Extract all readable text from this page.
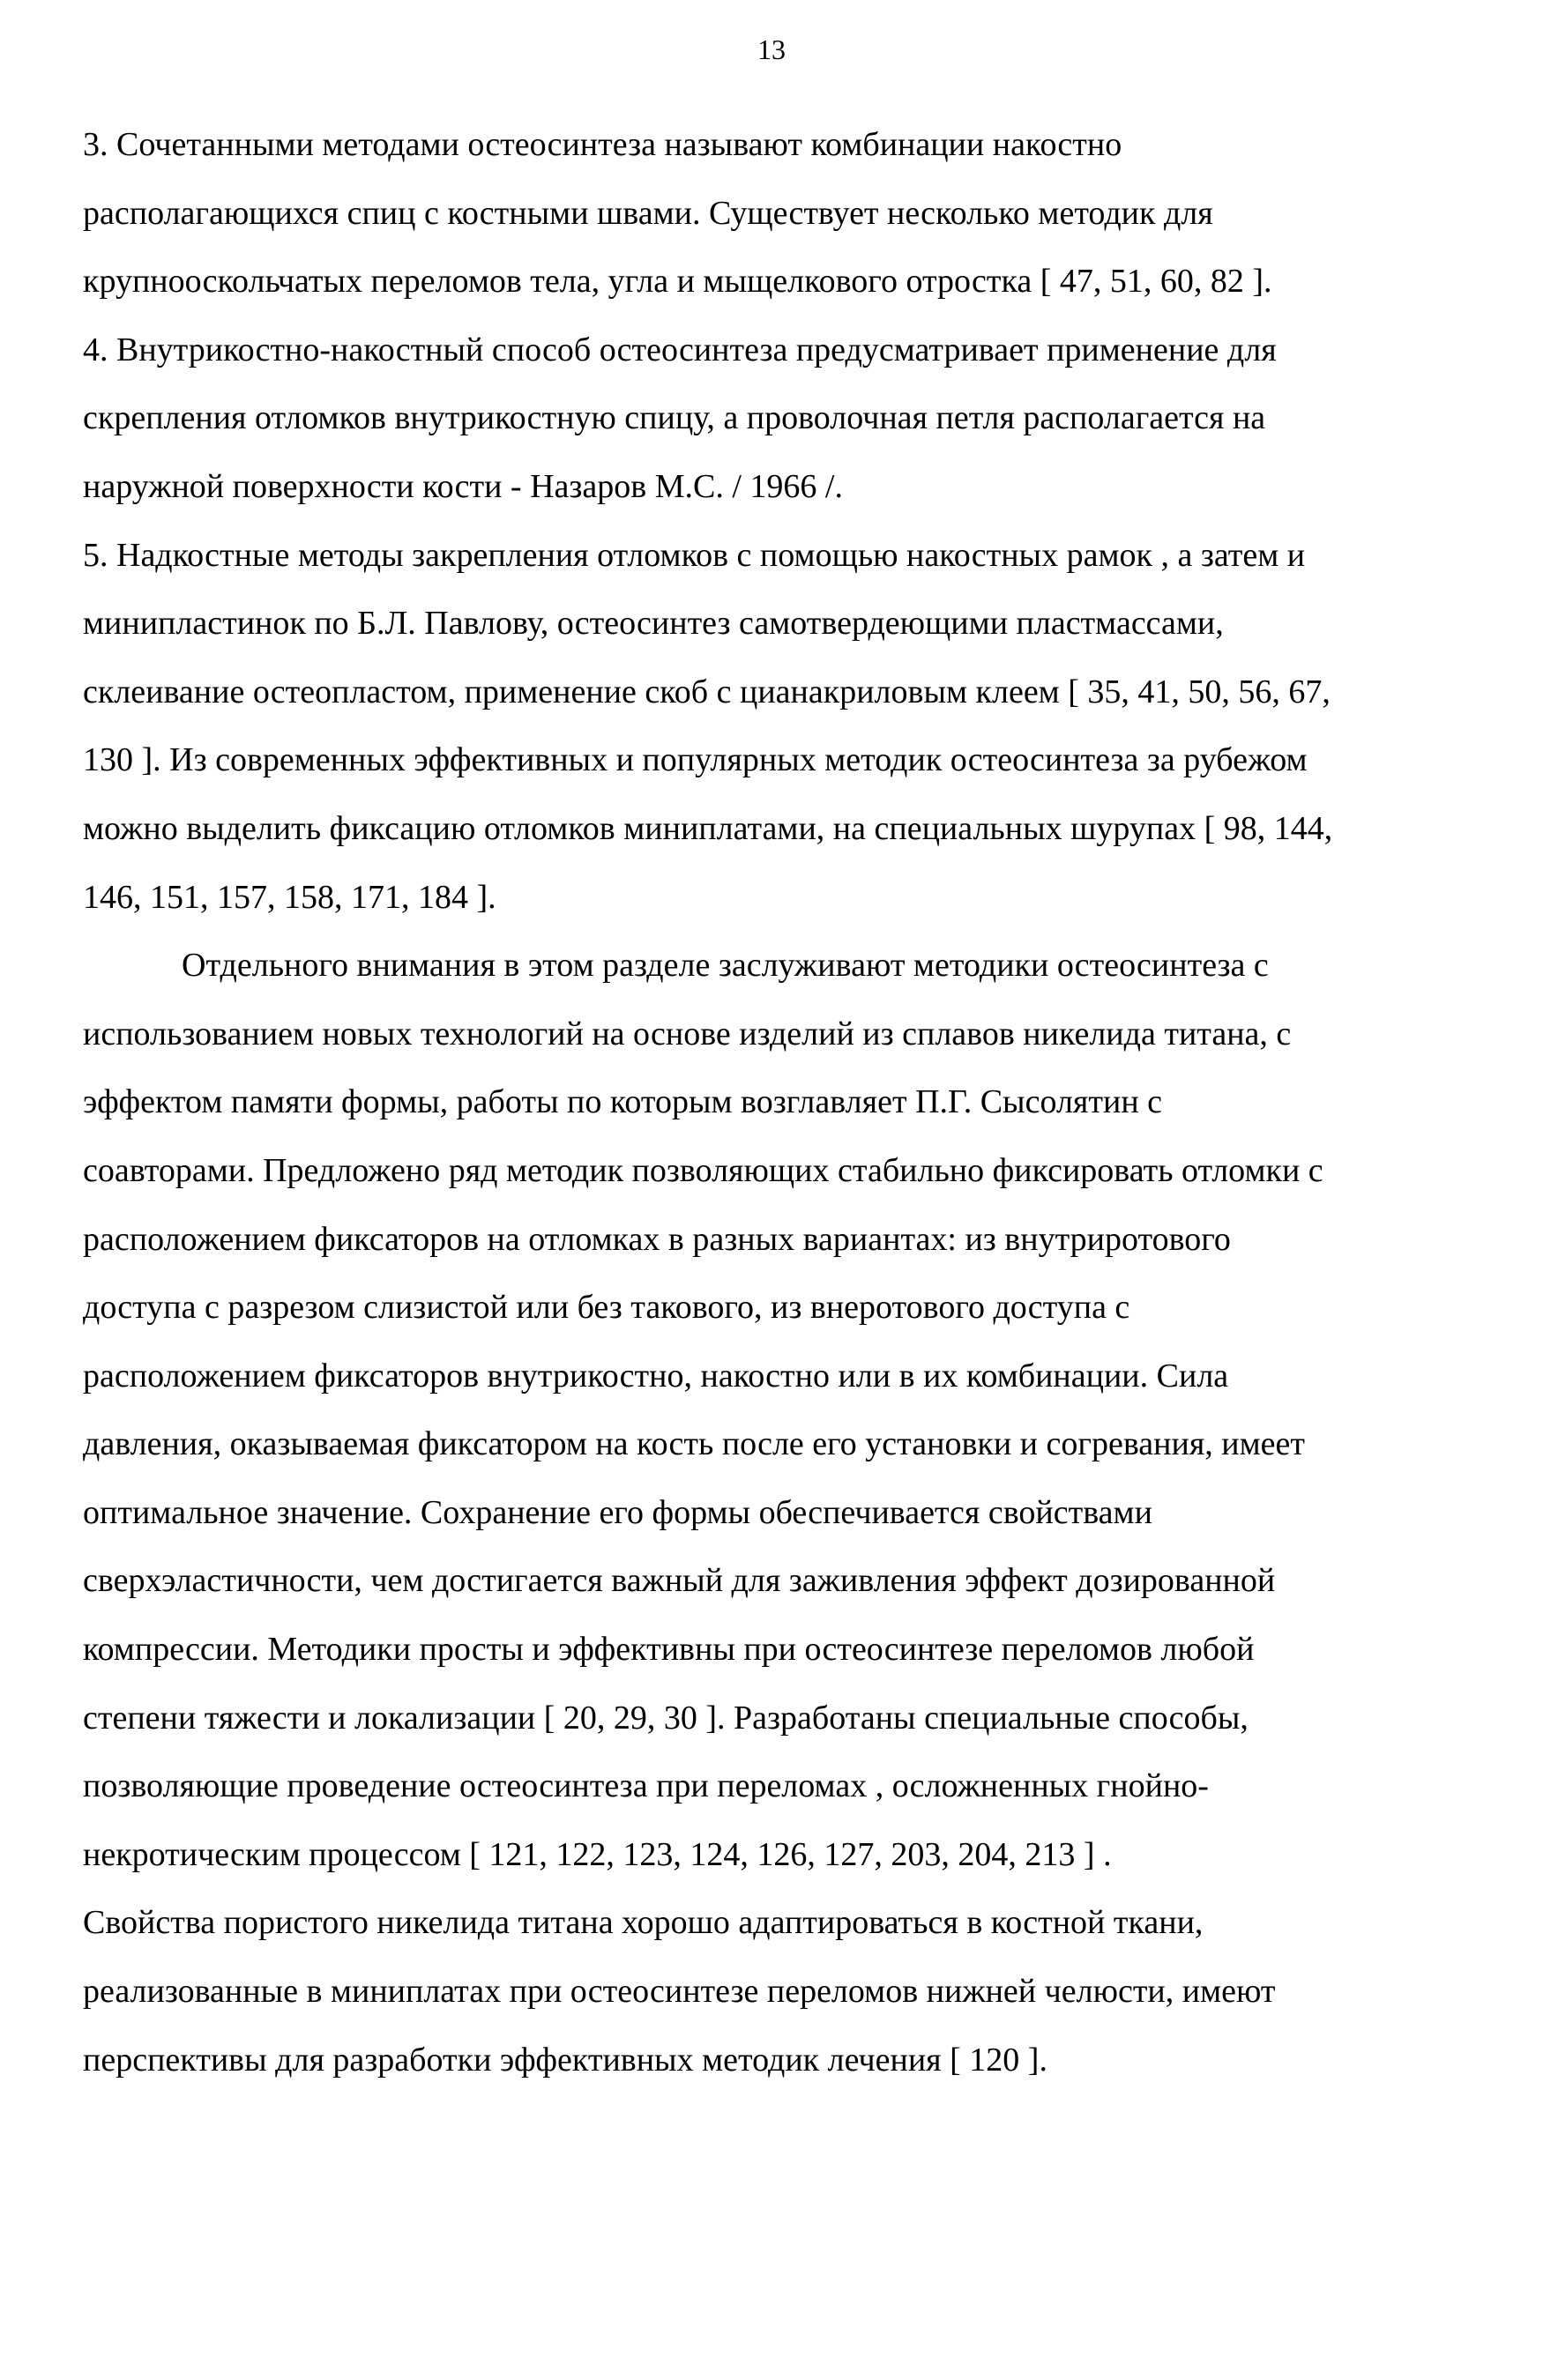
13
3. Сочетанными методами остеосинтеза называют комбинации накостно
располагающихся спиц с костными швами. Существует несколько методик для
крупнооскольчатых переломов тела, угла и мыщелкового отростка [ 47, 51, 60, 82 ].
4. Внутрикостно-накостный способ остеосинтеза предусматривает применение для
скрепления отломков внутрикостную спицу, а проволочная петля располагается на
наружной поверхности кости - Назаров М.С. / 1966 /.
5. Надкостные методы закрепления отломков с помощью накостных рамок , а затем и
минипластинок по Б.Л. Павлову, остеосинтез самотвердеющими пластмассами,
склеивание остеопластом, применение скоб с цианакриловым клеем [ 35, 41, 50, 56, 67,
130 ]. Из современных эффективных и популярных методик остеосинтеза за рубежом
можно выделить фиксацию отломков миниплатами, на специальных шурупах [ 98, 144,
146, 151, 157, 158, 171, 184 ].
Отдельного внимания в этом разделе заслуживают методики остеосинтеза с
использованием новых технологий на основе изделий из сплавов никелида титана, с
эффектом памяти формы, работы по которым возглавляет П.Г. Сысолятин с
соавторами. Предложено ряд методик позволяющих стабильно фиксировать отломки с
расположением фиксаторов на отломках в разных вариантах: из внутриротового
доступа с разрезом слизистой или без такового, из внеротового доступа с
расположением фиксаторов внутрикостно, накостно или в их комбинации. Сила
давления, оказываемая фиксатором на кость после его установки и согревания, имеет
оптимальное значение. Сохранение его формы обеспечивается свойствами
сверхэластичности, чем достигается важный для заживления эффект дозированной
компрессии. Методики просты и эффективны при остеосинтезе переломов любой
степени тяжести и локализации [ 20, 29, 30 ]. Разработаны специальные способы,
позволяющие проведение остеосинтеза при переломах , осложненных гнойно-
некротическим процессом [ 121, 122, 123, 124, 126, 127, 203, 204, 213 ] .
Свойства пористого никелида титана хорошо адаптироваться в костной ткани,
реализованные в миниплатах при остеосинтезе переломов нижней челюсти, имеют
перспективы для разработки эффективных методик лечения [ 120 ].
